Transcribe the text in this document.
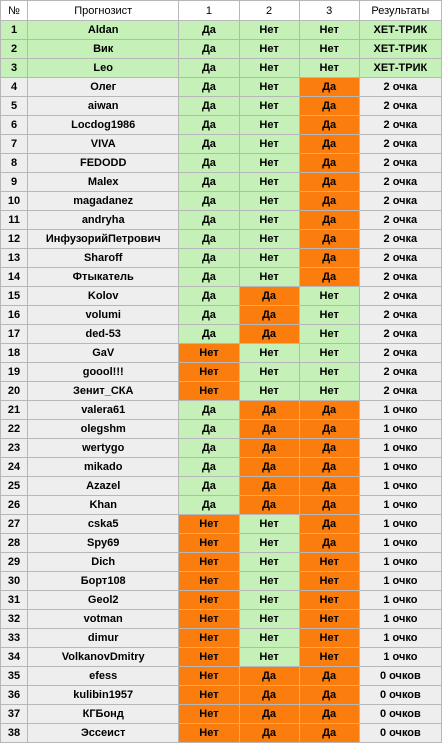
№	Прогнозист	1	2	3	Результаты
1	Aldan	Да	Нет	Нет	ХЕТ-ТРИК
2	Вик	Да	Нет	Нет	ХЕТ-ТРИК
3	Leo	Да	Нет	Нет	ХЕТ-ТРИК
4	Олег	Да	Нет	Да	2 очка
5	aiwan	Да	Нет	Да	2 очка
6	Locdog1986	Да	Нет	Да	2 очка
7	VIVA	Да	Нет	Да	2 очка
8	FEDODD	Да	Нет	Да	2 очка
9	Malex	Да	Нет	Да	2 очка
10	magadanez	Да	Нет	Да	2 очка
11	andryha	Да	Нет	Да	2 очка
12	ИнфузорийПетрович	Да	Нет	Да	2 очка
13	Sharoff	Да	Нет	Да	2 очка
14	Фтыкатель	Да	Нет	Да	2 очка
15	Kolov	Да	Да	Нет	2 очка
16	volumi	Да	Да	Нет	2 очка
17	ded-53	Да	Да	Нет	2 очка
18	GaV	Нет	Нет	Нет	2 очка
19	goool!!!	Нет	Нет	Нет	2 очка
20	Зенит_СКА	Нет	Нет	Нет	2 очка
21	valera61	Да	Да	Да	1 очко
22	olegshm	Да	Да	Да	1 очко
23	wertygo	Да	Да	Да	1 очко
24	mikado	Да	Да	Да	1 очко
25	Azazel	Да	Да	Да	1 очко
26	Khan	Да	Да	Да	1 очко
27	cska5	Нет	Нет	Да	1 очко
28	Spy69	Нет	Нет	Да	1 очко
29	Dich	Нет	Нет	Нет	1 очко
30	Борт108	Нет	Нет	Нет	1 очко
31	Geol2	Нет	Нет	Нет	1 очко
32	votman	Нет	Нет	Нет	1 очко
33	dimur	Нет	Нет	Нет	1 очко
34	VolkanovDmitry	Нет	Нет	Нет	1 очко
35	efess	Нет	Да	Да	0 очков
36	kulibin1957	Нет	Да	Да	0 очков
37	КГБонд	Нет	Да	Да	0 очков
38	Эссеист	Нет	Да	Да	0 очков
